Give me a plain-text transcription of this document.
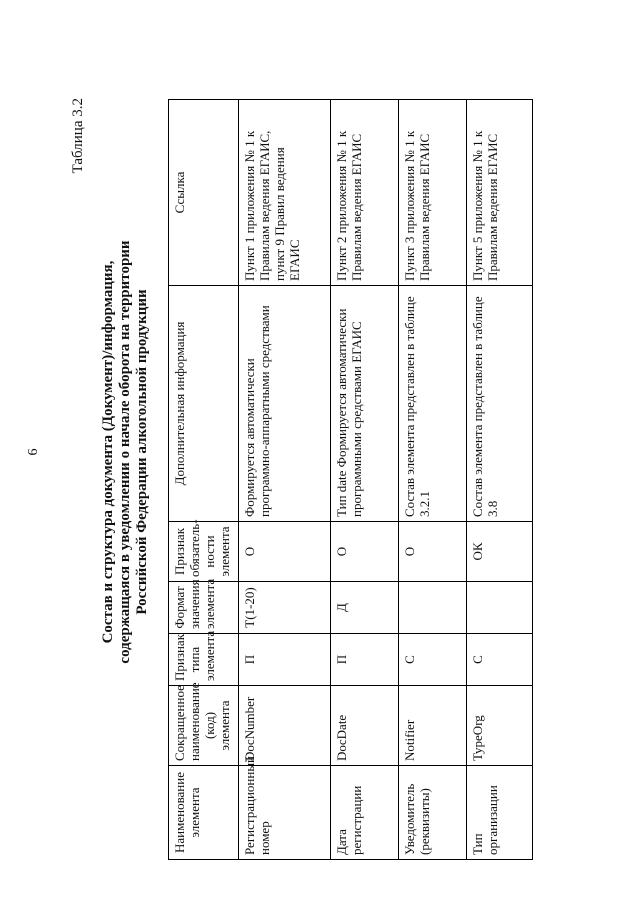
6
Таблица 3.2
Состав и структура документа (Документ)/информация, содержащаяся в уведомлении о начале оборота на территории Российской Федерации алкогольной продукции
Наименование элемента	Сокращенное наименование (код) элемента	Признак типа элемента	Формат значения элемента	Признак обязатель-ности элемента	Дополнительная информация	Ссылка
Регистрационный номер	DocNumber	П	T(1-20)	О	Формируется автоматически программно-аппаратными средствами	Пункт 1 приложения № 1 к Правилам ведения ЕГАИС, пункт 9 Правил ведения ЕГАИС
Дата регистрации	DocDate	П	Д	О	Тип date Формируется автоматически программными средствами ЕГАИС	Пункт 2 приложения № 1 к Правилам ведения ЕГАИС
Уведомитель (реквизиты)	Notifier	С		О	Состав элемента представлен в таблице 3.2.1	Пункт 3 приложения № 1 к Правилам ведения ЕГАИС
Тип организации	TypeOrg	С		ОК	Состав элемента представлен в таблице 3.8	Пункт 5 приложения № 1 к Правилам ведения ЕГАИС
